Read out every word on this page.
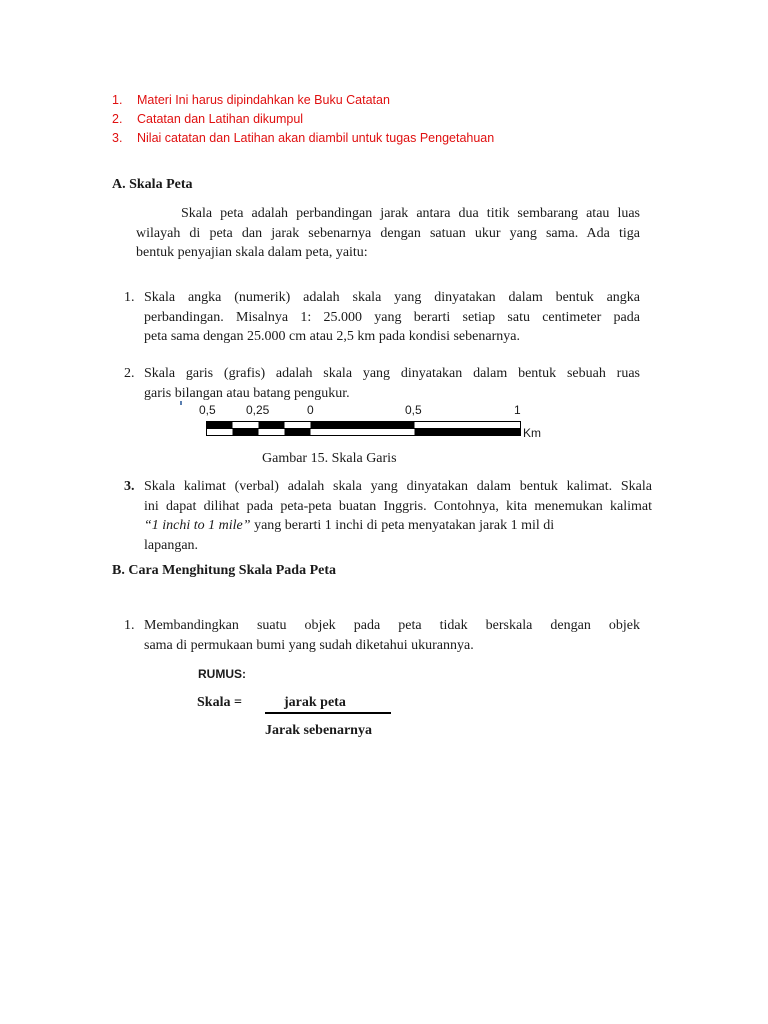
1. Materi Ini harus dipindahkan ke Buku Catatan
2. Catatan dan Latihan dikumpul
3. Nilai catatan dan Latihan akan diambil untuk tugas Pengetahuan
A. Skala Peta
Skala peta adalah perbandingan jarak antara dua titik sembarang atau luas
wilayah di peta dan jarak sebenarnya dengan satuan ukur yang sama. Ada tiga
bentuk penyajian skala dalam peta, yaitu:
1. Skala angka (numerik) adalah skala yang dinyatakan dalam bentuk angka
perbandingan. Misalnya 1: 25.000 yang berarti setiap satu centimeter pada
peta sama dengan 25.000 cm atau 2,5 km pada kondisi sebenarnya.
2. Skala garis (grafis) adalah skala yang dinyatakan dalam bentuk sebuah ruas
garis bilangan atau batang pengukur.
0,5	0,25	0	0,5	1
Km
Gambar 15. Skala Garis
3. Skala kalimat (verbal) adalah skala yang dinyatakan dalam bentuk kalimat. Skala
ini dapat dilihat pada peta-peta buatan Inggris. Contohnya, kita menemukan kalimat
“1 inchi to 1 mile” yang berarti 1 inchi di peta menyatakan jarak 1 mil di
lapangan.
B. Cara Menghitung Skala Pada Peta
1. Membandingkan suatu objek pada peta tidak berskala dengan objek
sama di permukaan bumi yang sudah diketahui ukurannya.
RUMUS:
Skala =	jarak peta
Jarak sebenarnya
